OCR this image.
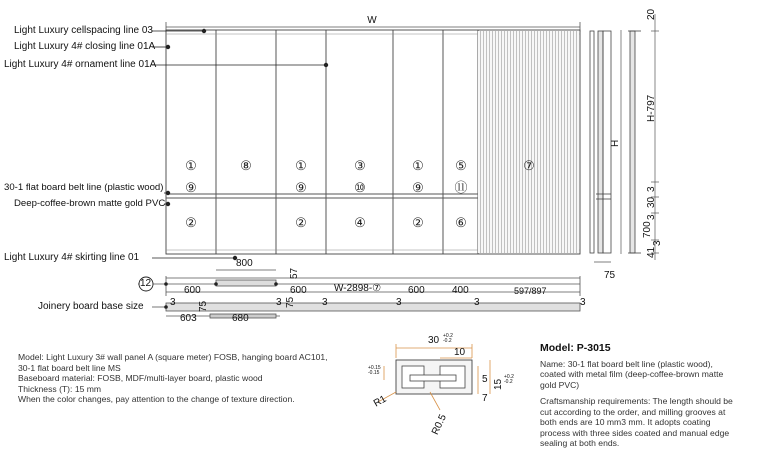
W
①	⑧	①	③	① ⑤	⑦
⑨	⑨	⑩	⑨ ⑪
②	②	④	② ⑥
Light Luxury cellspacing line 03
Light Luxury 4# closing line 01A
Light Luxury 4# ornament line 01A
30-1 flat board belt line (plastic wood)
Deep-coffee-brown matte gold PVC
Light Luxury 4# skirting line 01
Joinery board base size
20
H-797
H
3
30
3
700
3
41
75
800
57
12
600	600	W-2898-⑦	600	400	597/897
3 75	3 75	3	3	3	3
603	680
Model: Light Luxury 3# wall panel A (square meter) FOSB, hanging board AC101,
30-1 flat board belt line MS
Baseboard material: FOSB, MDF/multi-layer board, plastic wood
Thickness (T): 15 mm
When the color changes, pay attention to the change of texture direction.
30 +0.2 -0.2
10
5
7
15
+0.2 -0.2
+0.15 -0.15
R1
R0.5
Model: P-3015
Name: 30-1 flat board belt line (plastic wood),
coated with metal film (deep-coffee-brown matte
gold PVC)
Craftsmanship requirements: The length should be
cut according to the order, and milling grooves at
both ends are 10 mm3 mm. It adopts coating
process with three sides coated and manual edge
sealing at both ends.
